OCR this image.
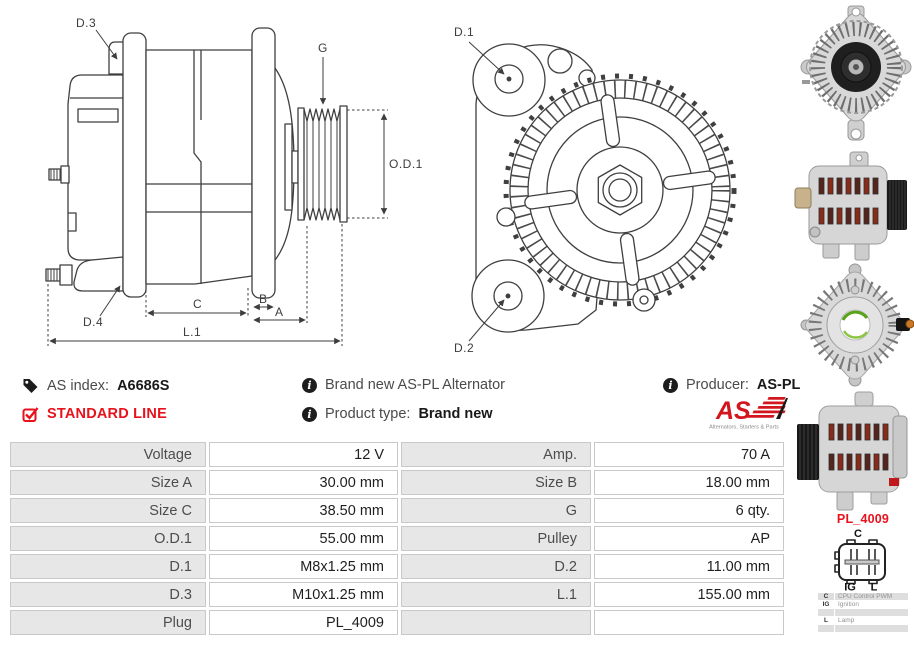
D.3
D.4
G
O.D.1
C	B
A
L.1
D.1
D.2
AS index: A6686S	i Brand new AS-PL Alternator	i Producer: AS-PL
STANDARD LINE	i Product type: Brand new	AS
Alternators, Starters & Parts
Voltage	12 V	Amp.	70 A
Size A	30.00 mm	Size B	18.00 mm
Size C	38.50 mm	G	6 qty.
O.D.1	55.00 mm	Pulley	AP
D.1	M8x1.25 mm	D.2	11.00 mm
D.3	M10x1.25 mm	L.1	155.00 mm
Plug	PL_4009
PL_4009
C
IG L
C	CPU Control PWM
IG	Ignition
L	Lamp
